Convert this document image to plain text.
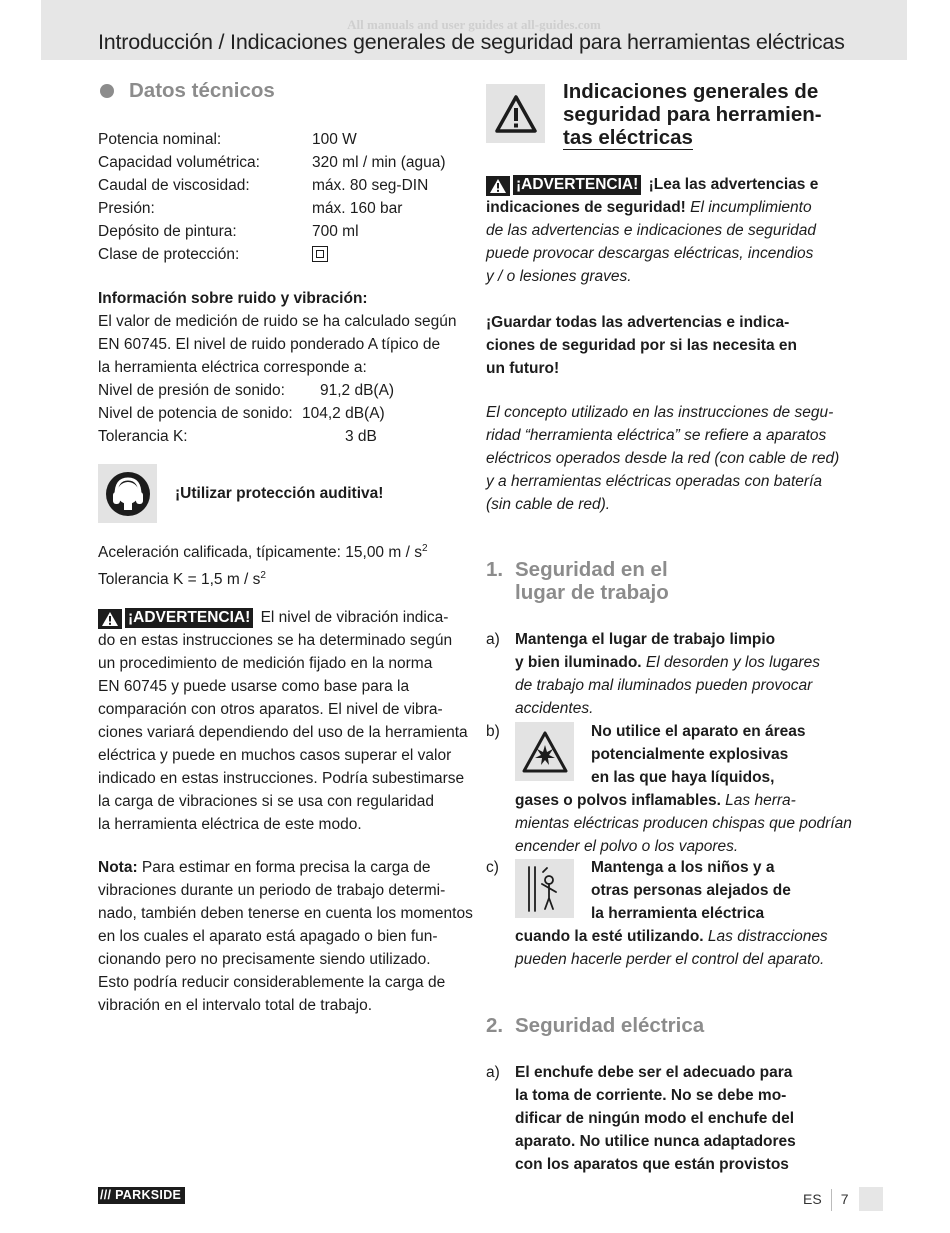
All manuals and user guides at all-guides.com
Introducción / Indicaciones generales de seguridad para herramientas eléctricas
Datos técnicos
Potencia nominal:	100 W
Capacidad volumétrica:	320 ml / min (agua)
Caudal de viscosidad:	máx. 80 seg-DIN
Presión:	máx. 160 bar
Depósito de pintura:	700 ml
Clase de protección:

Información sobre ruido y vibración:

El valor de medición de ruido se ha calculado según

EN 60745. El nivel de ruido ponderado A típico de

la herramienta eléctrica corresponde a:

Nivel de presión de sonido: 91,2 dB(A)
Nivel de potencia de sonido: 104,2 dB(A)
Tolerancia K:	3 dB
¡Utilizar protección auditiva!

Aceleración calificada, típicamente: 15,00 m / $s^2$

Tolerancia K = 1,5 m / $s^2$

¡ADVERTENCIA! El nivel de vibración indica-

do en estas instrucciones se ha determinado según

un procedimiento de medición fijado en la norma

EN 60745 y puede usarse como base para la

comparación con otros aparatos. El nivel de vibra-

ciones variará dependiendo del uso de la herramienta

eléctrica y puede en muchos casos superar el valor

indicado en estas instrucciones. Podría subestimarse

la carga de vibraciones si se usa con regularidad

la herramienta eléctrica de este modo.

Nota: Para estimar en forma precisa la carga de

vibraciones durante un periodo de trabajo determi-

nado, también deben tenerse en cuenta los momentos

en los cuales el aparato está apagado o bien fun-

cionando pero no precisamente siendo utilizado.

Esto podría reducir considerablemente la carga de

vibración en el intervalo total de trabajo.

Indicaciones generales de

seguridad para herramien-

tas eléctricas

¡ADVERTENCIA! ¡Lea las advertencias e

indicaciones de seguridad! El incumplimiento

de las advertencias e indicaciones de seguridad

puede provocar descargas eléctricas, incendios

y / o lesiones graves.

¡Guardar todas las advertencias e indica-

ciones de seguridad por si las necesita en

un futuro!

El concepto utilizado en las instrucciones de segu-

ridad “herramienta eléctrica” se refiere a aparatos

eléctricos operados desde la red (con cable de red)

y a herramientas eléctricas operadas con batería

(sin cable de red).

1. Seguridad en el

lugar de trabajo

a) Mantenga el lugar de trabajo limpio

y bien iluminado. El desorden y los lugares

de trabajo mal iluminados pueden provocar

accidentes.

b)	No utilice el aparato en áreas

potencialmente explosivas

en las que haya líquidos,

gases o polvos inflamables. Las herra-

mientas eléctricas producen chispas que podrían

encender el polvo o los vapores.

c)	Mantenga a los niños y a

otras personas alejados de

la herramienta eléctrica

cuando la esté utilizando. Las distracciones

pueden hacerle perder el control del aparato.

2. Seguridad eléctrica

a) El enchufe debe ser el adecuado para

la toma de corriente. No se debe mo-

dificar de ningún modo el enchufe del

aparato. No utilice nunca adaptadores

con los aparatos que están provistos

/// PARKSIDE	ES 7
